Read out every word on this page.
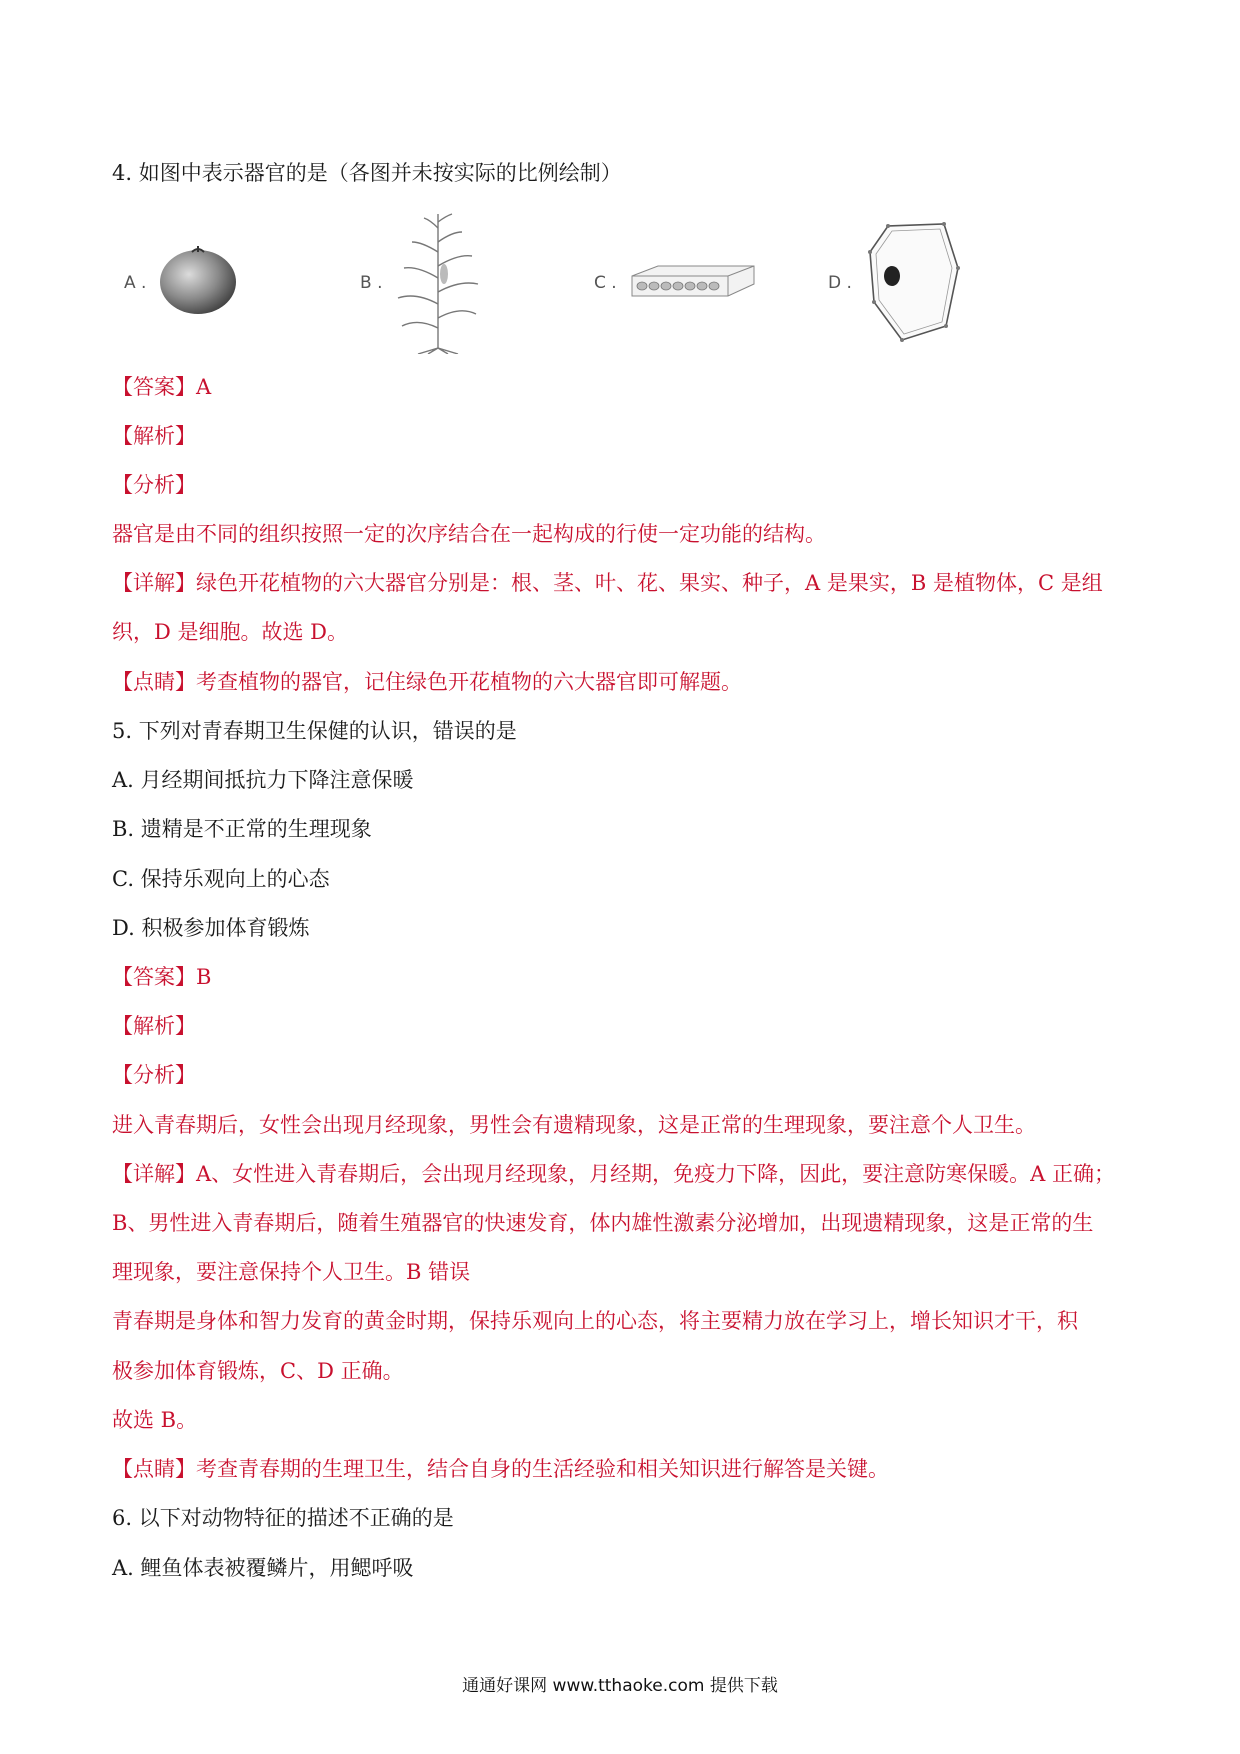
4. 如图中表示器官的是（各图并未按实际的比例绘制）
A .	B .	C .	D .
【答案】A
【解析】
【分析】
器官是由不同的组织按照一定的次序结合在一起构成的行使一定功能的结构。
【详解】绿色开花植物的六大器官分别是：根、茎、叶、花、果实、种子，A 是果实，B 是植物体，C 是组
织，D 是细胞。故选 D。
【点睛】考查植物的器官，记住绿色开花植物的六大器官即可解题。
5. 下列对青春期卫生保健的认识，错误的是
A. 月经期间抵抗力下降注意保暖
B. 遗精是不正常的生理现象
C. 保持乐观向上的心态
D. 积极参加体育锻炼
【答案】B
【解析】
【分析】
进入青春期后，女性会出现月经现象，男性会有遗精现象，这是正常的生理现象，要注意个人卫生。
【详解】A、女性进入青春期后，会出现月经现象，月经期，免疫力下降，因此，要注意防寒保暖。A 正确；
B、男性进入青春期后，随着生殖器官的快速发育，体内雄性激素分泌增加，出现遗精现象，这是正常的生
理现象，要注意保持个人卫生。B 错误
青春期是身体和智力发育的黄金时期，保持乐观向上的心态，将主要精力放在学习上，增长知识才干，积
极参加体育锻炼，C、D 正确。
故选 B。
【点睛】考查青春期的生理卫生，结合自身的生活经验和相关知识进行解答是关键。
6. 以下对动物特征的描述不正确的是
A. 鲤鱼体表被覆鳞片，用鳃呼吸
通通好课网 www.tthaoke.com 提供下载
